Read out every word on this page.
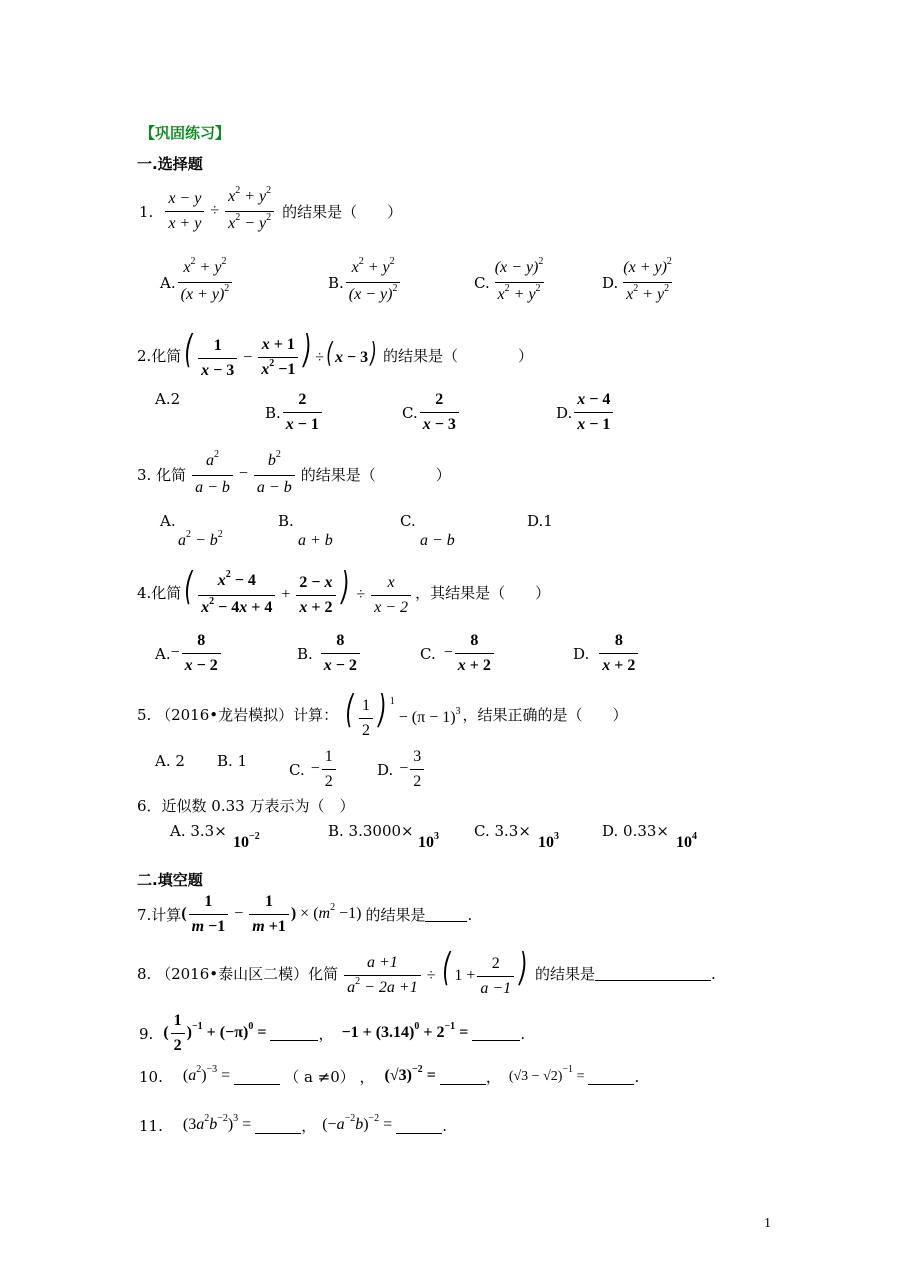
【巩固练习】
一.选择题
1. $\frac{x - y}{x + y} \div \frac{x^2 + y^2}{x^2 - y^2}$ 的结果是（　　）
A. $\frac{x^2 + y^2}{(x + y)^2}$	B. $\frac{x^2 + y^2}{(x - y)^2}$	C. $\frac{(x - y)^2}{x^2 + y^2}$	D. $\frac{(x + y)^2}{x^2 + y^2}$
2.化简 ( $\frac{1}{x - 3} - \frac{x + 1}{x^2 -1}$ ) ÷( x − 3) 的结果是（　　　　）
A.2
B. $\frac{2}{x - 1}$	C. $\frac{2}{x - 3}$	D. $\frac{x - 4}{x - 1}$
3. 化简 $\frac{a^2}{a - b} - \frac{b^2}{a - b}$ 的结果是（　　　　）
A.
$a^2 - b^2$
B.
a + b
C.
a − b
D.1
4.化简 ( $\frac{x^2 - 4}{x^2 - 4x + 4} + \frac{2 - x}{x + 2}$ ) ÷ $\frac{x}{x - 2}$ ，其结果是（　　）
A. − $\frac{8}{x - 2}$	B. $\frac{8}{x - 2}$	C. − $\frac{8}{x + 2}$	D. $\frac{8}{x + 2}$
5. （2016•龙岩模拟）计算： ( $\frac{1}{2}$ ) $^1 - (\pi - 1)^3$ ，结果正确的是（　　）
A. 2 B. 1	C. − $\frac{1}{2}$	D. − $\frac{3}{2}$
6．近似数 0.33 万表示为（　）
A. 3.3×
$10^{-2}$	B. 3.3000×
$10^3$ C. 3.3×
$10^3$	D. 0.33×
$10^4$
二.填空题
7.计算 ( $\frac{1}{m -1} - \frac{1}{m +1}$ ) × $(m^2 -1)$ 的结果是	.
8. （2016•泰山区二模）化简 $\frac{a +1}{a^2 - 2a +1}$ ÷ ( $1 + \frac{2}{a -1}$ ) 的结果是	.
9. ( $\frac{1}{2} )^{-1} + (-\pi)^0$ =	， $-1 + (3.14)^0 + 2^{-1}$ =	.
10. $(a^2)^{-3}$ =	（ a ≠0） ， $(√3)^{-2}$ =	， $(√3 - √2)^{-1}$ =	.
11. $(3a^2b^{-2})^3$ =	， $(-a^{-2}b)^{-2}$ =	.
1
